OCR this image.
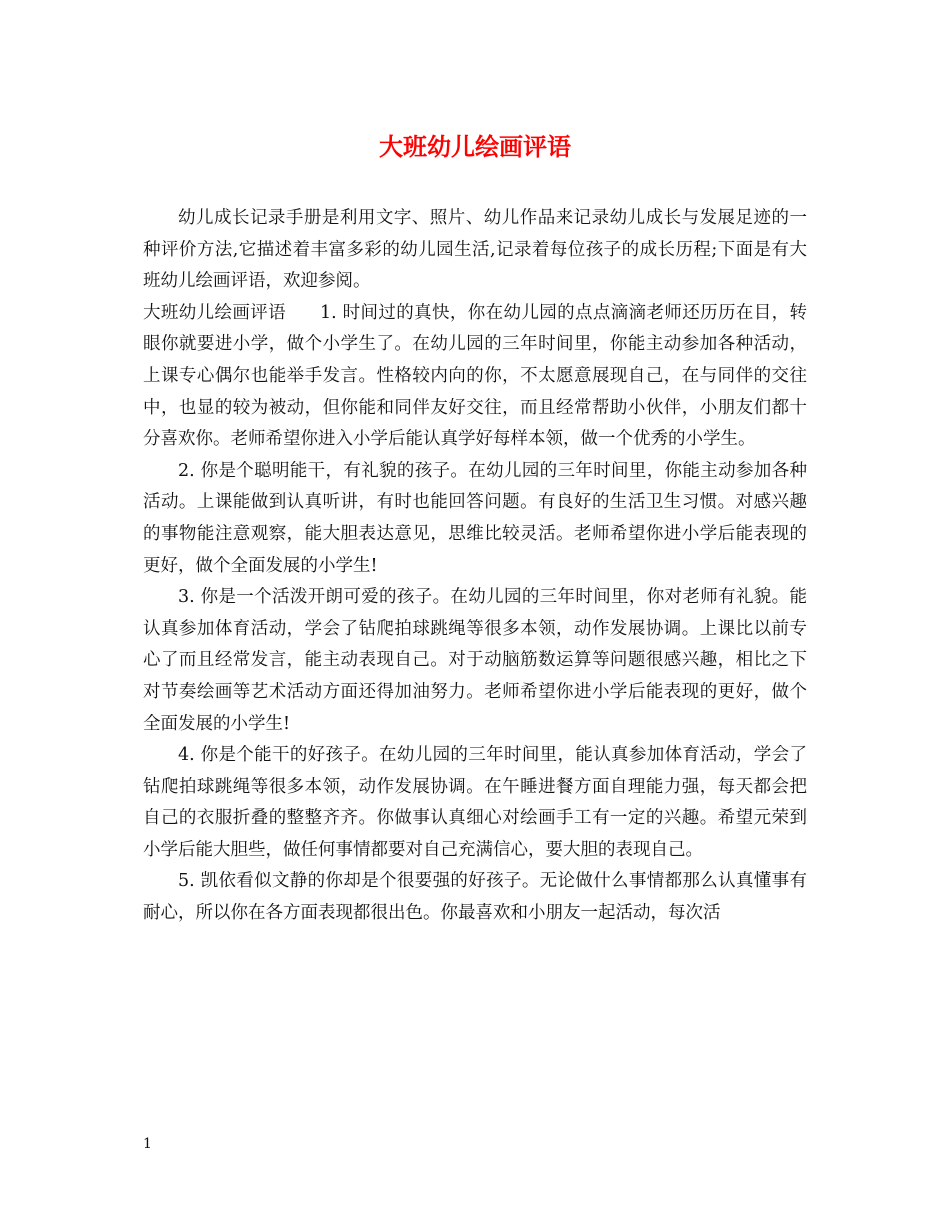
大班幼儿绘画评语

幼儿成长记录手册是利用文字、照片、幼儿作品来记录幼儿成长与发展足迹的一种评价方法,它描述着丰富多彩的幼儿园生活,记录着每位孩子的成长历程;下面是有大班幼儿绘画评语，欢迎参阅。

大班幼儿绘画评语 1. 时间过的真快，你在幼儿园的点点滴滴老师还历历在目，转眼你就要进小学，做个小学生了。在幼儿园的三年时间里，你能主动参加各种活动，上课专心偶尔也能举手发言。性格较内向的你，不太愿意展现自己，在与同伴的交往中，也显的较为被动，但你能和同伴友好交往，而且经常帮助小伙伴，小朋友们都十分喜欢你。老师希望你进入小学后能认真学好每样本领，做一个优秀的小学生。

2. 你是个聪明能干，有礼貌的孩子。在幼儿园的三年时间里，你能主动参加各种活动。上课能做到认真听讲，有时也能回答问题。有良好的生活卫生习惯。对感兴趣的事物能注意观察，能大胆表达意见，思维比较灵活。老师希望你进小学后能表现的更好，做个全面发展的小学生!

3. 你是一个活泼开朗可爱的孩子。在幼儿园的三年时间里，你对老师有礼貌。能认真参加体育活动，学会了钻爬拍球跳绳等很多本领，动作发展协调。上课比以前专心了而且经常发言，能主动表现自己。对于动脑筋数运算等问题很感兴趣，相比之下对节奏绘画等艺术活动方面还得加油努力。老师希望你进小学后能表现的更好，做个全面发展的小学生!

4. 你是个能干的好孩子。在幼儿园的三年时间里，能认真参加体育活动，学会了钻爬拍球跳绳等很多本领，动作发展协调。在午睡进餐方面自理能力强，每天都会把自己的衣服折叠的整整齐齐。你做事认真细心对绘画手工有一定的兴趣。希望元荣到小学后能大胆些，做任何事情都要对自己充满信心，要大胆的表现自己。

5. 凯依看似文静的你却是个很要强的好孩子。无论做什么事情都那么认真懂事有耐心，所以你在各方面表现都很出色。你最喜欢和小朋友一起活动，每次活

1
